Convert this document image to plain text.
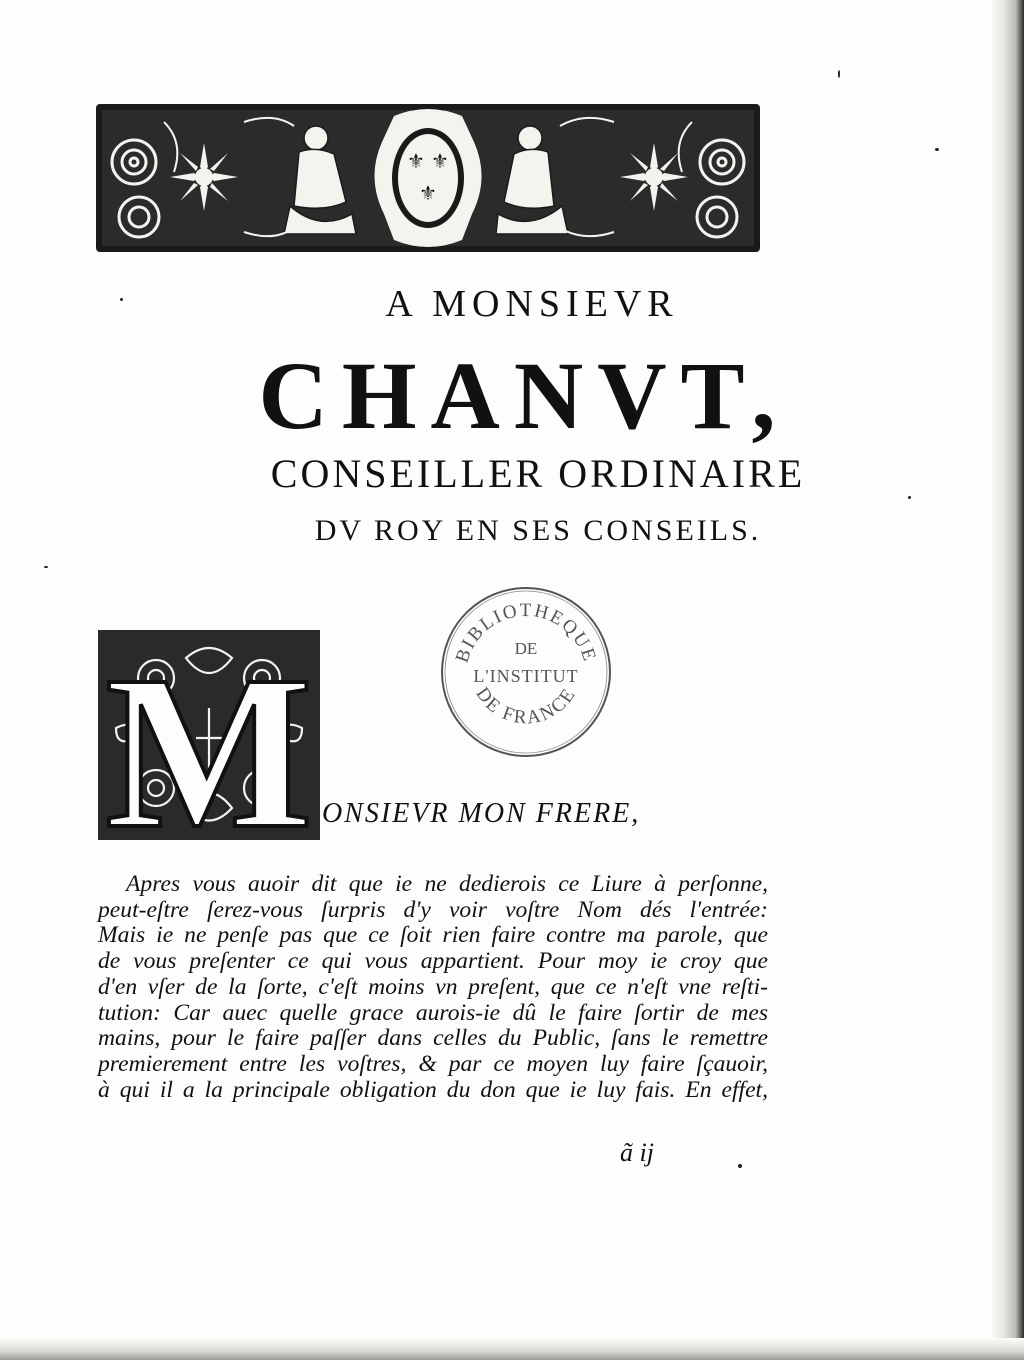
⚜ ⚜
⚜
A MONSIEVR
CHANVT,
CONSEILLER ORDINAIRE
DV ROY EN SES CONSEILS.
BIBLIOTHEQUE
DE
L'INSTITUT
DE FRANCE
M ONSIEVR MON FRERE,
Apres vous auoir dit que ie ne dedierois ce Liure à perſonne,
peut-eſtre ſerez-vous ſurpris d'y voir voſtre Nom dés l'entrée:
Mais ie ne penſe pas que ce ſoit rien faire contre ma parole, que
de vous preſenter ce qui vous appartient. Pour moy ie croy que
d'en vſer de la ſorte, c'eſt moins vn preſent, que ce n'eſt vne reſti-
tution: Car auec quelle grace aurois-ie dû le faire ſortir de mes
mains, pour le faire paſſer dans celles du Public, ſans le remettre
premierement entre les voſtres, & par ce moyen luy faire ſçauoir,
à qui il a la principale obligation du don que ie luy fais. En effet,
ã ij
